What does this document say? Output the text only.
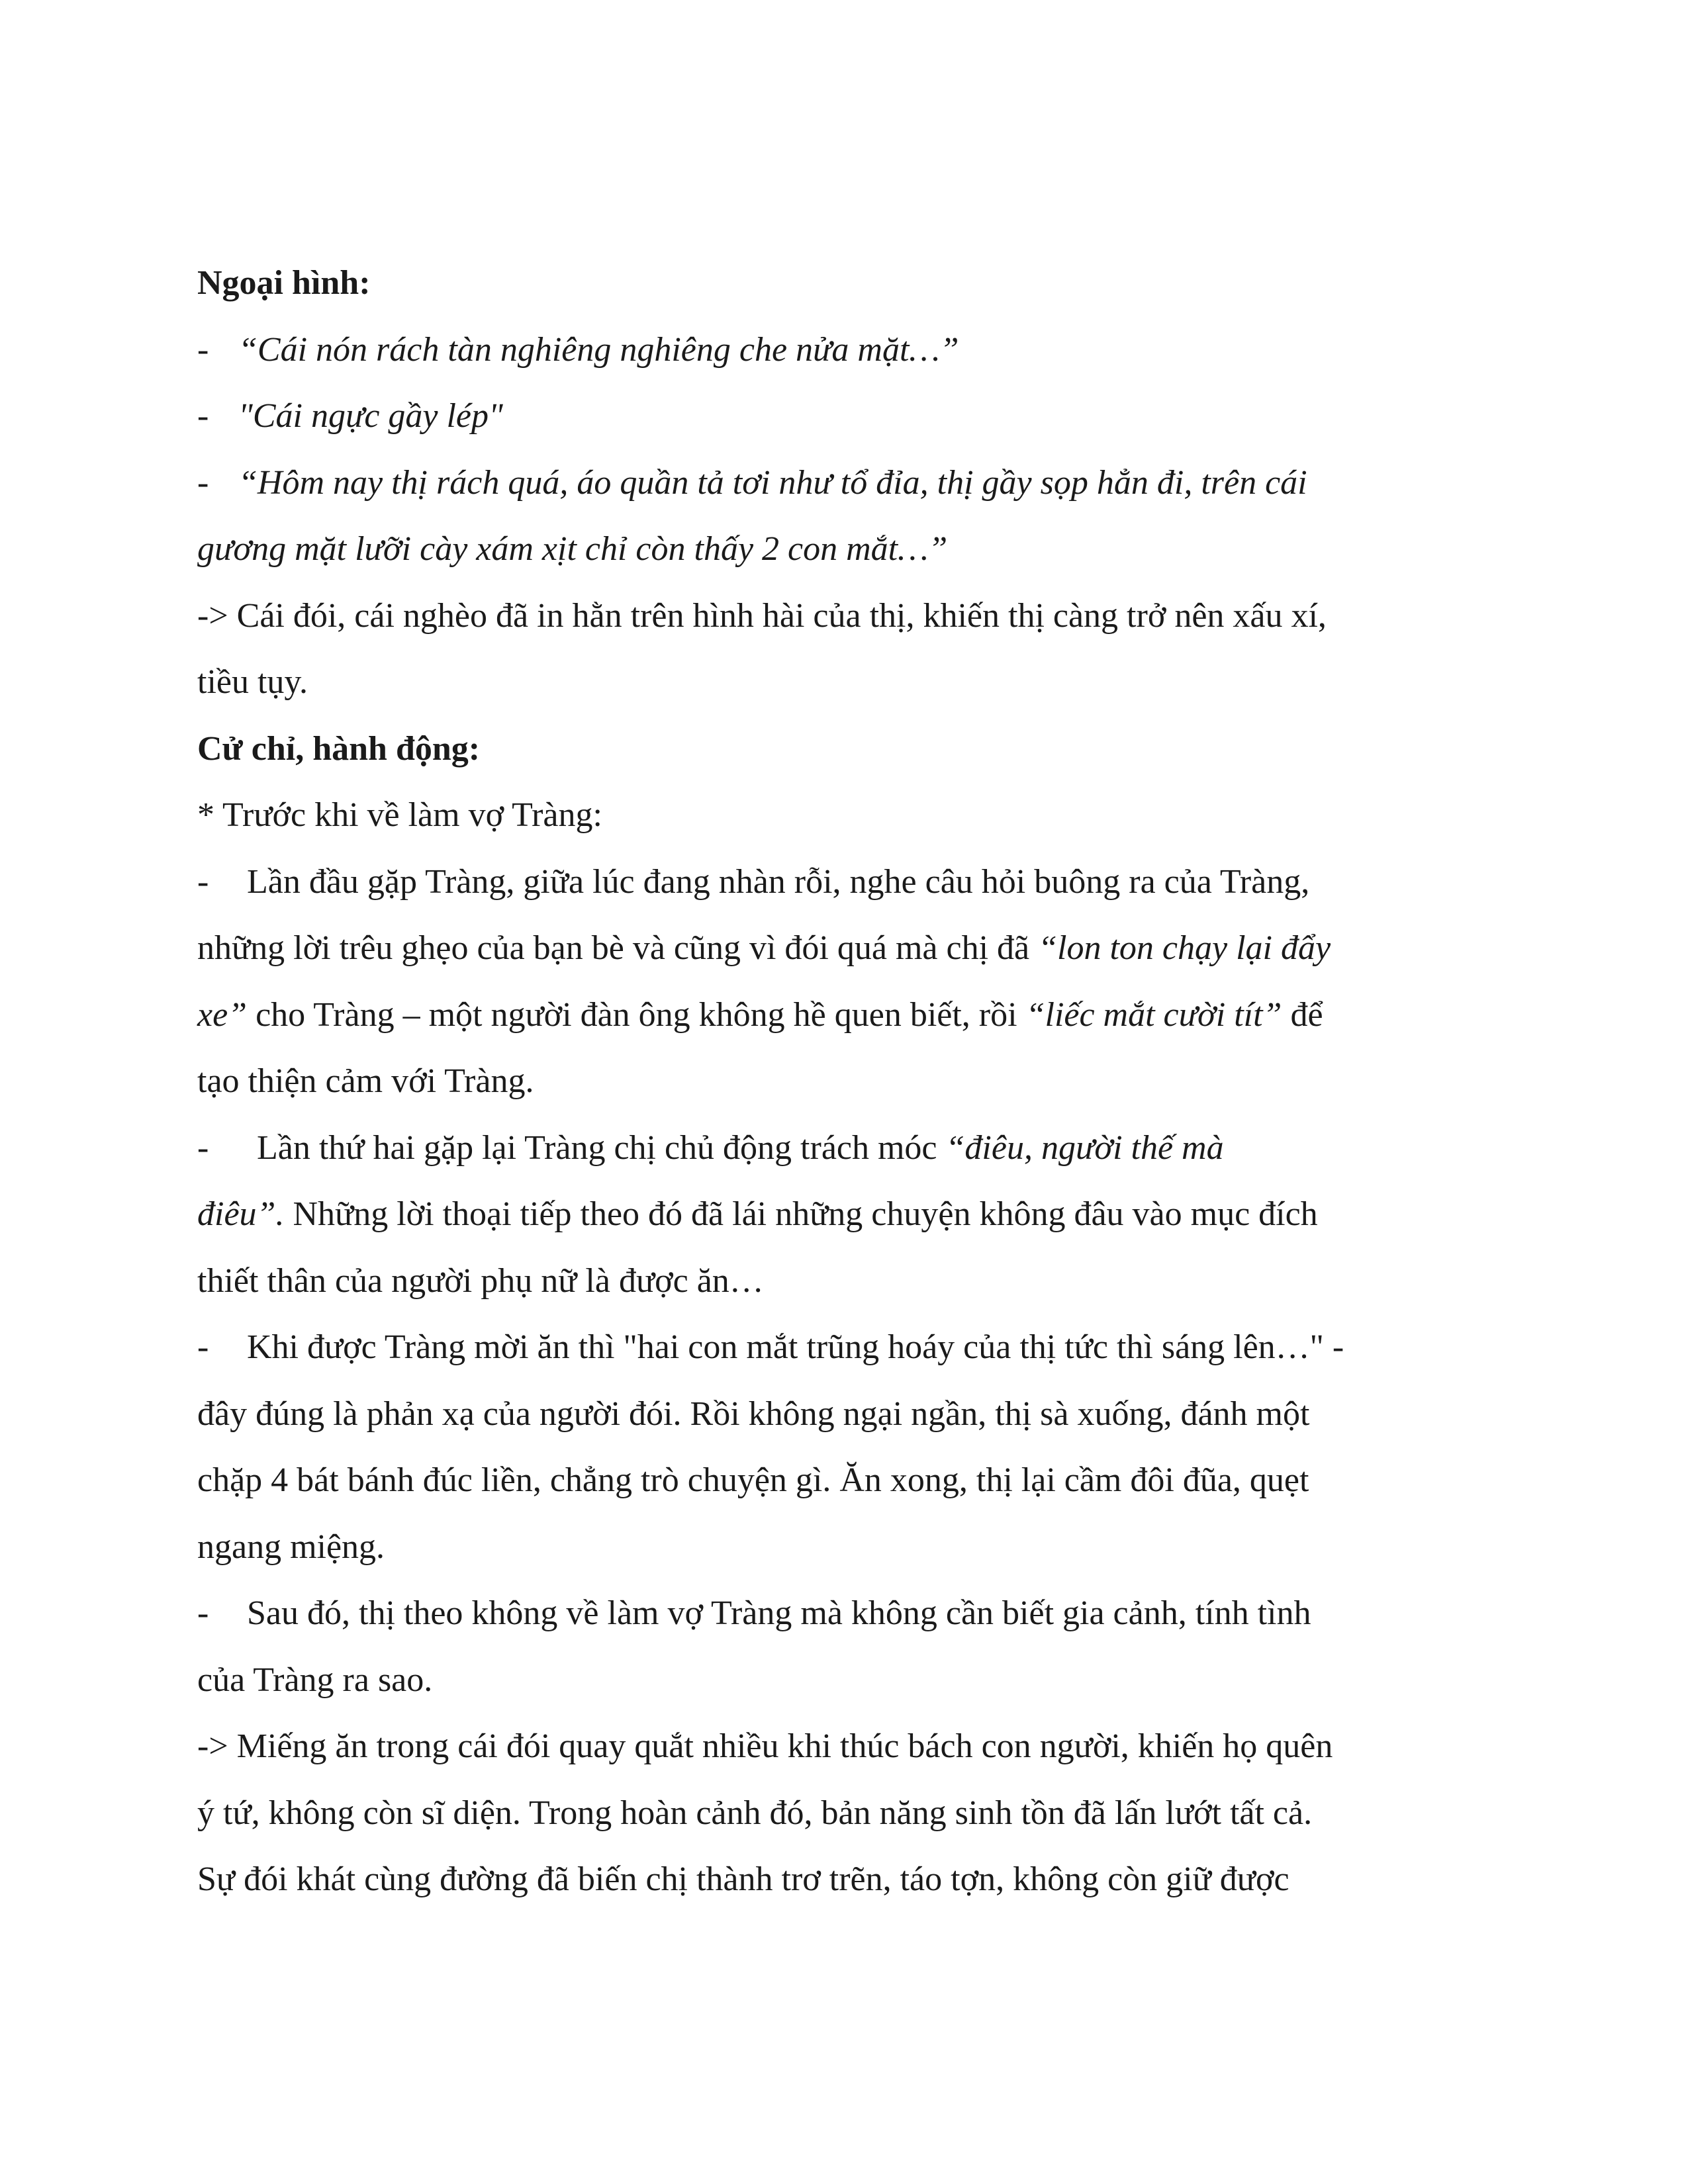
Ngoại hình:
- “Cái nón rách tàn nghiêng nghiêng che nửa mặt…”
- "Cái ngực gầy lép"
- “Hôm nay thị rách quá, áo quần tả tơi như tổ đỉa, thị gầy sọp hẳn đi, trên cái
gương mặt lưỡi cày xám xịt chỉ còn thấy 2 con mắt…”
-> Cái đói, cái nghèo đã in hằn trên hình hài của thị, khiến thị càng trở nên xấu xí,
tiều tụy.
Cử chỉ, hành động:
* Trước khi về làm vợ Tràng:
- Lần đầu gặp Tràng, giữa lúc đang nhàn rỗi, nghe câu hỏi buông ra của Tràng,
những lời trêu ghẹo của bạn bè và cũng vì đói quá mà chị đã “lon ton chạy lại đẩy
xe” cho Tràng – một người đàn ông không hề quen biết, rồi “liếc mắt cười tít” để
tạo thiện cảm với Tràng.
- Lần thứ hai gặp lại Tràng chị chủ động trách móc “điêu, người thế mà
điêu”. Những lời thoại tiếp theo đó đã lái những chuyện không đâu vào mục đích
thiết thân của người phụ nữ là được ăn…
- Khi được Tràng mời ăn thì "hai con mắt trũng hoáy của thị tức thì sáng lên…" -
đây đúng là phản xạ của người đói. Rồi không ngại ngần, thị sà xuống, đánh một
chặp 4 bát bánh đúc liền, chẳng trò chuyện gì. Ăn xong, thị lại cầm đôi đũa, quẹt
ngang miệng.
- Sau đó, thị theo không về làm vợ Tràng mà không cần biết gia cảnh, tính tình
của Tràng ra sao.
-> Miếng ăn trong cái đói quay quắt nhiều khi thúc bách con người, khiến họ quên
ý tứ, không còn sĩ diện. Trong hoàn cảnh đó, bản năng sinh tồn đã lấn lướt tất cả.
Sự đói khát cùng đường đã biến chị thành trơ trẽn, táo tợn, không còn giữ được
